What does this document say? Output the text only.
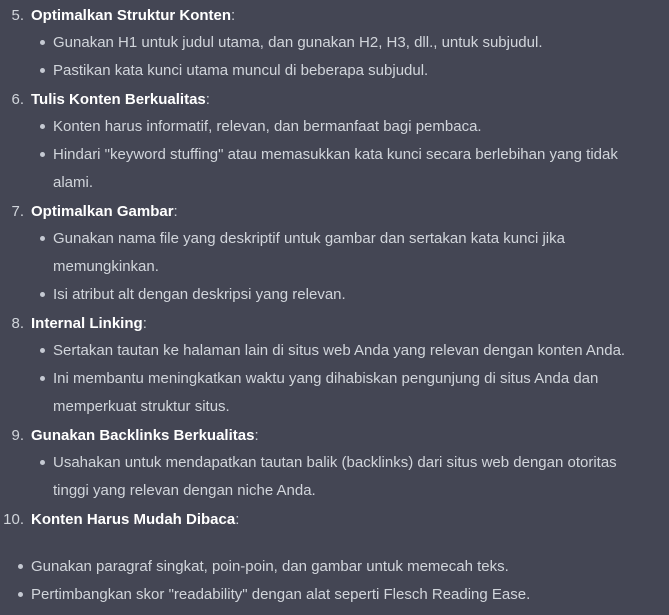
5. Optimalkan Struktur Konten:
Gunakan H1 untuk judul utama, dan gunakan H2, H3, dll., untuk subjudul.
Pastikan kata kunci utama muncul di beberapa subjudul.
6. Tulis Konten Berkualitas:
Konten harus informatif, relevan, dan bermanfaat bagi pembaca.
Hindari "keyword stuffing" atau memasukkan kata kunci secara berlebihan yang tidak
alami.
7. Optimalkan Gambar:
Gunakan nama file yang deskriptif untuk gambar dan sertakan kata kunci jika
memungkinkan.
Isi atribut alt dengan deskripsi yang relevan.
8. Internal Linking:
Sertakan tautan ke halaman lain di situs web Anda yang relevan dengan konten Anda.
Ini membantu meningkatkan waktu yang dihabiskan pengunjung di situs Anda dan
memperkuat struktur situs.
9. Gunakan Backlinks Berkualitas:
Usahakan untuk mendapatkan tautan balik (backlinks) dari situs web dengan otoritas
tinggi yang relevan dengan niche Anda.
10. Konten Harus Mudah Dibaca:
Gunakan paragraf singkat, poin-poin, dan gambar untuk memecah teks.
Pertimbangkan skor "readability" dengan alat seperti Flesch Reading Ease.
